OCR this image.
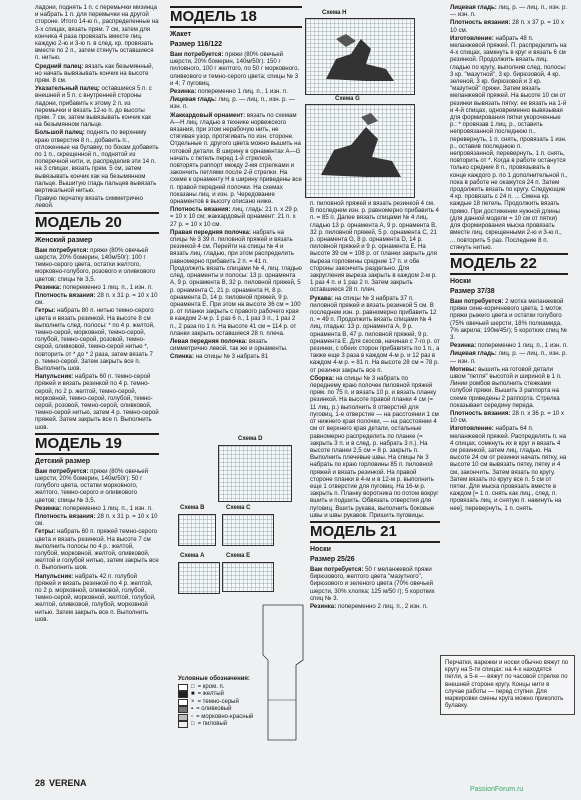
ладони, поднять 1 п. с перемычки мизинца и набрать 1 п. для перемычки на другой стороне. Итого 14-ю п., распределенные на 3-х спицах, вязать прям. 7 см, затем для кончика 4 раза провязать вместе лиц. каждую 2-ю и 3-ю п. в след. кр. провязать вместе по 2 п., затем стянуть оставшиеся п. нитью.

Средний палец: вязать как безымянный, но начать вывязывать кончик на высоте прям. 8 см.

Указательный палец: оставшиеся 5 п. с внешней и 5 п. с внутренней стороны ладони, прибавить к этому 2 п. из перемычки и вязать 12-ю п. до высоты прям. 7 см, затем вывязывать кончик как на безымянном пальце.

Большой палец: поднять по верхнему краю отверстия 8 п., добавить п., отложенные на булавку, по бокам добавить по 1 п., скрещенной п., поднятой из поперечной нити, и, распределив эти 14 п. на 3 спицах, вязать прям. 5 см, затем вывязывать кончик как на безымянном пальце. Вышитую гладь пальцев вывязать вертикальной нитью.

Правую перчатку вязать симметрично левой.

МОДЕЛЬ 20
Женский размер

Вам потребуется: пряжи (80% овечьей шерсти, 20% бомерин, 140м/50г): 100 г темно-серого цвета, остатки желтого, морковно-голубого, розового и оливкового цветов; спицы № 3,5.

Резинка: попеременно 1 лиц. п., 1 изн. п.

Плотность вязания: 28 п. x 31 р. = 10 x 10 см.

Гетры: набрать 80 п. нитью темно-серого цвета и вязать резинкой. На высоте 8 см выполнить след. полосы: * по 4 р. желтой, темно-серой, морковной, темно-серой, голубой, темно-серой, розовой, темно-серой, оливковой, темно-серой нитью *, повторить от * до * 2 раза, затем вязать 7 р. темно-серой. Затем закрыть все п. Выполнить шов.

Напульсник: набрать 60 п. темно-серой пряжей и вязать резинкой по 4 р. темно-серой, по 2 р. желтой, темно-серой, морковной, темно-серой, голубой, темно-серой, розовой, темно-серой, оливковой, темно-серой нитью, затем 4 р. темно-серой пряжей. Затем закрыть все п. Выполнить шов.

МОДЕЛЬ 19
Детский размер

Вам потребуется: пряжи (80% овечьей шерсти, 20% бомерин, 140м/50г): 50 г голубого цвета, остатки морковного, желтого, темно-серого и оливкового цветов; спицы № 3,5.

Резинка: попеременно 1 лиц. п., 1 изн. п.

Плотность вязания: 28 п. x 31 р. = 10 x 10 см.

Гетры: набрать 60 п. пряжей темно-серого цвета и вязать резинкой. На высоте 7 см выполнить полосы по 4 р.: желтой, голубой, морковной, желтой, оливковой, желтой и голубой нитью, затем закрыть все п. Выполнить шов.

Напульсник: набрать 42 п. голубой пряжей и вязать резинкой по 4 р. желтой, по 2 р. морковной, оливковой, голубой, темно-серой, морковной, желтой, голубой, желтой, оливковой, голубой, морковной нитью. Затем закрыть все п. Выполнить шов.

МОДЕЛЬ 18
Жакет
Размер 116/122

Вам потребуется: пряжи (80% овечьей шерсти, 20% бомерин, 140м/50г): 150 г пиловного, 100 г желтого, по 50 г морковного, оливкового и темно-серого цвета; спицы № 3 и 4; 7 пуговиц.

Резинка: попеременно 1 лиц. п., 1 изн. п.

Лицевая гладь: лиц. р. — лиц. п., изн. р. — изн. п.

Жаккардовый орнамент: вязать по схемам A—H лиц. гладью в технике норвежского вязания, при этом нерабочую нить, не стягивая узор, протягивать по изн. стороне. Отдельные п. другого цвета можно вышить на готовой детали. В ширину в орнаментах A—G начать с петель перед 1-й стрелкой, повторять раппорт между 2-мя стрелками и закончить петлями после 2-й стрелки. На схеме к орнаменту H в ширину приведены все п. правой передней полочки. На схемах показаны лиц. и изн. р. Чередование орнаментов в высоту описано ниже.

Плотность вязания: лиц. гладь: 21 п. x 29 р. = 10 x 10 см; жаккардовый орнамент: 21 п. x 27 р. = 10 x 10 см.

Правая передняя полочка: набрать на спицы № 3 39 п. пиловной пряжей и вязать резинкой 4 см. Перейти на спицы № 4 и вязать лиц. гладью, при этом распределить равномерно прибавить 2 п. = 41 п. Продолжить вязать спицами № 4, лиц. гладью след. орнаменты и полосы: 13 р. орнамента A, 9 р. орнамента B, 32 р. пиловной пряжей, 5 р. орнамента C, 21 р. орнамента H, 8 р. орнамента D, 14 р. пиловной пряжей, 9 р. орнамента E. При этом на высоте 36 см = 100 р. от планки закрыть с правого рабочего края в каждом 2-м р. 1 раз 6 п., 1 раз 3 п., 1 раз 2 п., 2 раза по 1 п. На высоте 41 см = 114 р. от планки закрыть оставшиеся 28 п. плеча.

Левая передняя полочка: вязать симметрично левой, так же и орнаменты.

Спинка: на спицы № 3 набрать 81

Схема H
Схема G

п. пиловной пряжей и вязать резинкой 4 см. В последнем изн. р. равномерно прибавить 4 п. = 85 п. Далее вязать спицами № 4 лиц. гладью 13 р. орнамента A, 9 р. орнамента B, 32 р. пиловной пряжей, 5 р. орнамента C, 21 р. орнамента G, 8 р. орнамента D, 14 р. пиловной пряжей и 9 р. орнамента E. На высоте 39 см = 108 р. от планки закрыть для выреза горловины средние 17 п. и обе стороны закончить раздельно. Для закругления выреза закрыть в каждом 2-м р. 1 раз 4 п. и 1 раз 2 п. Затем закрыть оставшиеся 28 п. плеч.

Рукава: на спицы № 3 набрать 37 п. пиловной пряжей и вязать резинкой 5 см. В последнем изн. р. равномерно прибавить 12 п. = 49 п. Продолжить вязать спицами № 4 лиц. гладью: 13 р. орнамента A, 9 р. орнамента B, 47 р. пиловной пряжей, 9 р. орнамента E. Для скосов, начиная с 7-го р. от резинки, с обеих сторон прибавлять по 1 п., а также еще 3 раза в каждом 4-м р. и 12 раз в каждом 4-м р. = 81 п. На высоте 28 см = 78 р. от резинки закрыть все п.

Сборка: на спицы № 3 набрать по переднему краю полочек пиловной пряжей прям. по 75 п. и вязать 10 р. и вязать планку резинкой. На высоте правой планки 4 см (= 11 лиц. р.) выполнить 8 отверстий для пуговиц, 1-е отверстие — на расстоянии 1 см от нижнего края полочки, — на расстоянии 4 см от верхнего края детали, остальные равномерно распределить по планке (= закрыть 3 п. и в след. р. набрать 3 п.). На высоте планки 2,5 см = 8 р. закрыть п. Выполнить плечевые швы. На спицы № 3 набрать по краю горловины 85 п. пиловной пряжей и вязать резинкой. На правой стороне планки в 4-м и в 12-м р. выполнить еще 1 отверстие для пуговиц. На 16-м р. закрыть п. Планку воротника по потом вокруг вшить и подшить. Обвязать отверстия для пуговиц. Вшить рукава, выполнить боковые швы и швы рукавов. Пришить пуговицы.

МОДЕЛЬ 21
Носки
Размер 25/26

Вам потребуется: 50 г меланжевой пряжи бирюзового, желтого цвета "мазутного", бирюзового и зеленого цвета (70% овечьей шерсти, 30% хлопка; 125 м/50 г); 5 коротких спиц № 3.

Резинка: попеременно 2 лиц. п., 2 изн. п.

Схема D
Схема B	Схема C
Схема A	Схема E
Условные обозначения:
□ = кром. п.
■ = желтый
× = темно-серый
▪ = оливковый
▫ = морковно-красный
□ = пиловый

Лицевая гладь: лиц. р. — лиц. п., изн. р. — изн. п.

Плотность вязания: 28 п. x 37 р. = 10 x 10 см.

Изготовление: набрать 48 п. меланжевой пряжей. П. распределить на 4-х спицах, замкнуть в круг и вязать 6 см резинкой. Продолжить вязать лиц. гладью по кругу, выполнив след. полосы: 3 кр. "мазутной", 3 кр. бирюзовой, 4 кр. зеленой, 3 кр. бирюзовой и 3 кр. "мазутной" пряжи. Затем вязать меланжевой пряжей. На высоте 10 см от резинки вывязать пятку: ее вязать на 1-й и 4-й спицах, одновременно вывязывая для формирования пятки укороченные р.: * провязав 1 лиц. р., оставить непровязанной последнюю п., перевернуть, 1 п. снять, провязать 1 изн. р., оставив последнюю п. непровязанной, перевернуть, 1 п. снять, повторить от *. Когда в работе останутся только средние 8 п., провязывать в конце каждого р. по 1 дополнительной п., пока в работе не окажутся 24 п. Затем продолжить вязать по кругу. Следующие 4 кр. провязать с 24 п. ... Смена кр. каждые 18 петель. Продолжить вязать прямо. При достижении нужной длины (для данной модели = 10 см от пятки) для формирования мыска провязать вместе лиц. скрещенными 2-ю и 3-ю п., ... повторить 5 раз. Последние 8 п. стянуть нитью.

МОДЕЛЬ 22
Носки
Размер 37/38

Вам потребуется: 2 мотка меланжевой пряжи сине-коричневого цвета, 1 моток пряжи рыжего цвета и остатки голубого (75% овечьей шерсти, 18% полиамида, 7% акрила; 190м/45г); 5 коротких спиц № 3.

Резинка: попеременно 1 лиц. п., 1 изн. п.

Лицевая гладь: лиц. р. — лиц. п., изн. р. — изн. п.

Мотивы: вышить на готовой детали швом "петля" высотой и шириной в 1 п. Линии ромбов выполнить стежками голубой пряжи. Вышить 3 раппорта на схеме приведены 2 раппорта. Стрелка показывает середину переда.

Плотность вязания: 28 п. x 36 р. = 10 x 10 см.

Изготовление: набрать 64 п. меланжевой пряжей. Распределить п. на 4 спицах, сомкнуть их в круг и вязать 4 см резинкой, затем лиц. гладью. На высоте 24 см от резинки начать пятку, на высоте 10 см вывязать пятку, пятку и 4 см, закончить. Затем вязать по кругу. Затем вязать по кругу все п. 5 см от пятки. Для мыска провязать вместе в каждом [= 1 п. снять как лиц., след. п. провязать лиц. и снятую п. накинуть на нее], перевернуть, 1 п. снять.

Перчатки, варежки и носки обычно вяжут по кругу на 5-ти спицах: на 4-х находятся петли, а 5-я — вяжут по часовой стрелке по внешней стороне кругу. Концы нити в случае работы — перед ступни. Для маркировки смены круга можно приколоть булавку.
28 VERENA
PassionForum.ru
